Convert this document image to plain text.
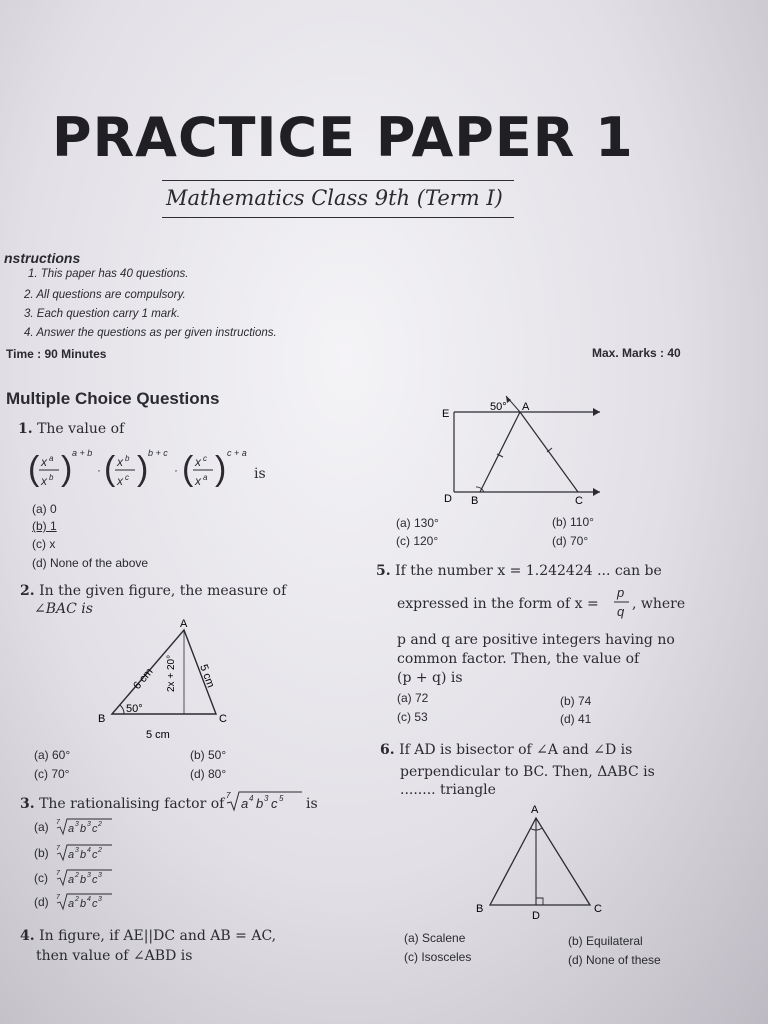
PRACTICE PAPER 1
Mathematics Class 9th (Term I)
nstructions
1. This paper has 40 questions.
2. All questions are compulsory.
3. Each question carry 1 mark.
4. Answer the questions as per given instructions.
Time : 90 Minutes	Max. Marks : 40
Multiple Choice Questions
1. The value of
( x a
x b ) a + b
· ( x b
x c ) b + c
· ( x c
x a ) c + a
is
(a) 0
(b) 1
(c) x
(d) None of the above
2. In the given figure, the measure of
∠BAC is
A
B	C
50°
5 cm
6 cm	5 cm
2x + 20°
(a) 60°	(b) 50°
(c) 70°	(d) 80°
3. The rationalising factor of
7
a 4 b 3 c 5 is
(a) 7
a 3 b 3 c 2
(b) 7
a 3 b 4 c 2
(c) 7
a 2 b 3 c 3
(d) 7
a 2 b 4 c 3
4. In figure, if AE||DC and AB = AC,
then value of ∠ABD is
E
A
50°
D B	C
(a) 130°	(b) 110°
(c) 120°	(d) 70°
5. If the number x = 1.242424 ... can be
expressed in the form of x =
p
q , where
p and q are positive integers having no
common factor. Then, the value of
(p + q) is
(a) 72	(b) 74
(c) 53	(d) 41
6. If AD is bisector of ∠A and ∠D is
perpendicular to BC. Then, ΔABC is
........ triangle
A
B
D
C
(a) Scalene	(b) Equilateral
(c) Isosceles	(d) None of these
